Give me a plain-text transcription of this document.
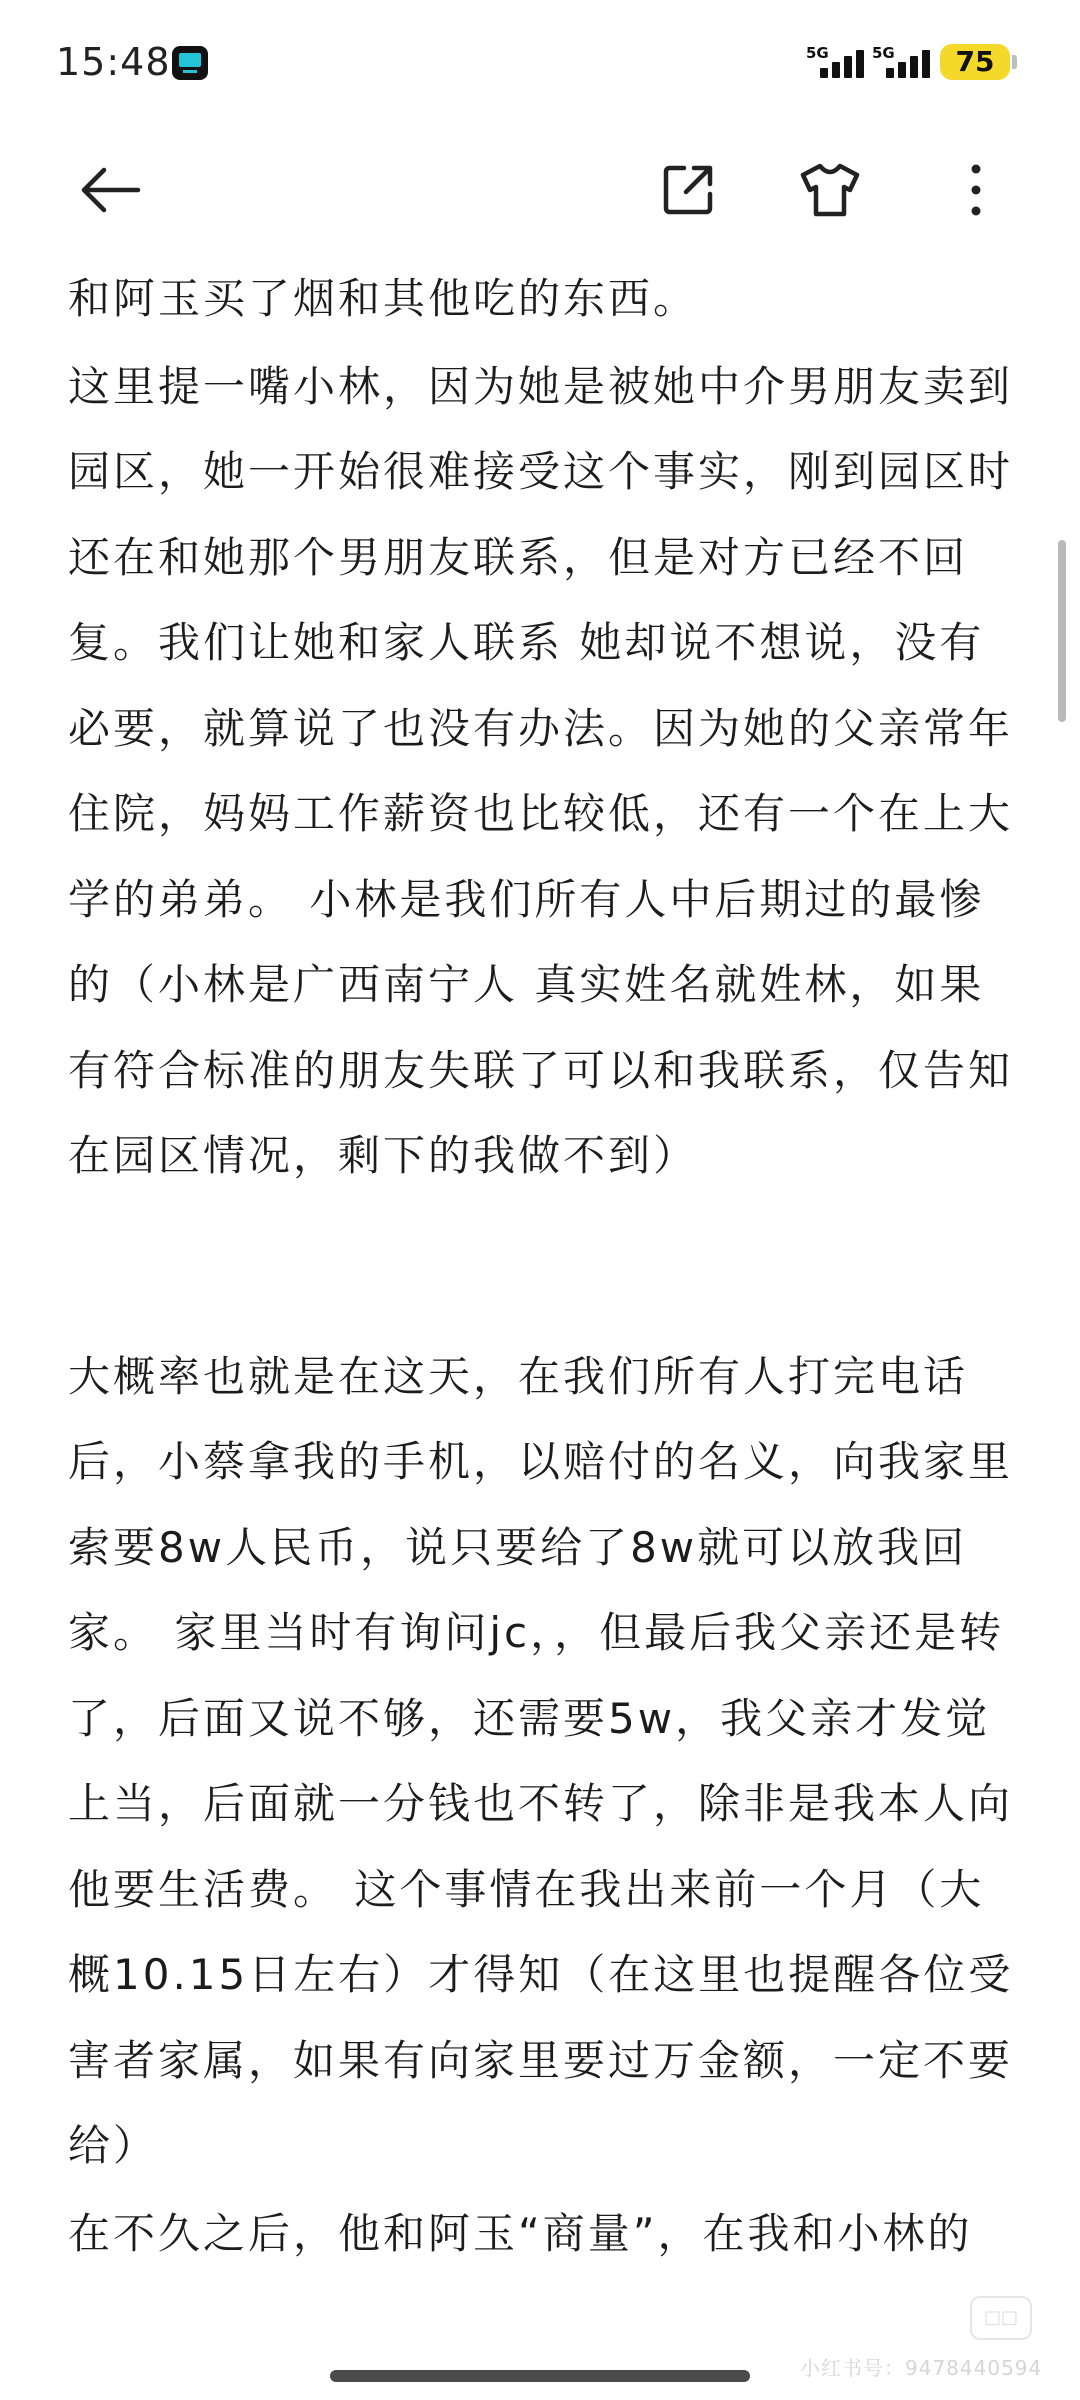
15:48	5G	5G	75

和阿玉买了烟和其他吃的东西。

这里提一嘴小林，因为她是被她中介男朋友卖到园区，她一开始很难接受这个事实，刚到园区时还在和她那个男朋友联系，但是对方已经不回复。我们让她和家人联系 她却说不想说，没有必要，就算说了也没有办法。因为她的父亲常年住院，妈妈工作薪资也比较低，还有一个在上大学的弟弟。 小林是我们所有人中后期过的最惨的（小林是广西南宁人 真实姓名就姓林，如果有符合标准的朋友失联了可以和我联系，仅告知在园区情况，剩下的我做不到）

大概率也就是在这天，在我们所有人打完电话后，小蔡拿我的手机，以赔付的名义，向我家里索要8w人民币，说只要给了8w就可以放我回家。 家里当时有询问jc，，但最后我父亲还是转了，后面又说不够，还需要5w，我父亲才发觉上当，后面就一分钱也不转了，除非是我本人向他要生活费。 这个事情在我出来前一个月（大概10.15日左右）才得知（在这里也提醒各位受害者家属，如果有向家里要过万金额，一定不要给）

在不久之后，他和阿玉“商量”，在我和小林的

□□
小红书号：9478440594
